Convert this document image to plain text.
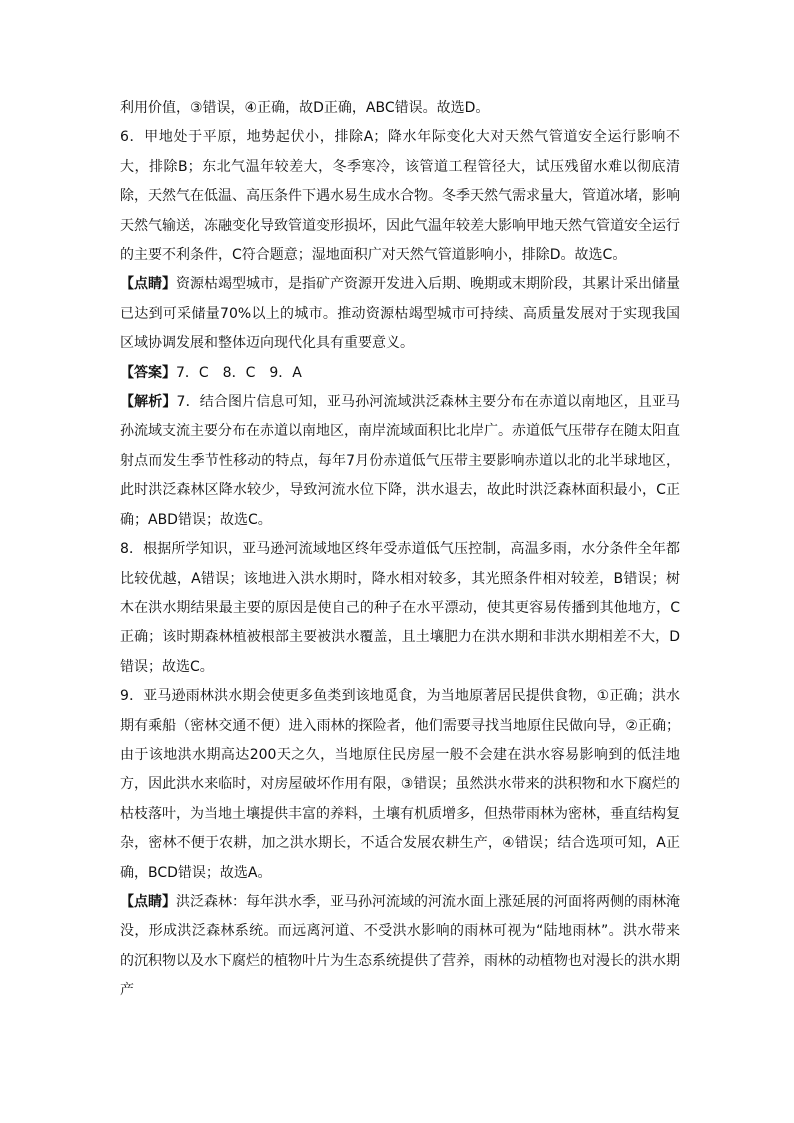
利用价值，③错误，④正确，故D正确，ABC错误。故选D。

6．甲地处于平原，地势起伏小，排除A；降水年际变化大对天然气管道安全运行影响不大，排除B；东北气温年较差大，冬季寒冷，该管道工程管径大，试压残留水难以彻底清除，天然气在低温、高压条件下遇水易生成水合物。冬季天然气需求量大，管道冰堵，影响天然气输送，冻融变化导致管道变形损坏，因此气温年较差大影响甲地天然气管道安全运行的主要不利条件，C符合题意；湿地面积广对天然气管道影响小，排除D。故选C。

【点睛】资源枯竭型城市，是指矿产资源开发进入后期、晚期或末期阶段，其累计采出储量已达到可采储量70%以上的城市。推动资源枯竭型城市可持续、高质量发展对于实现我国区域协调发展和整体迈向现代化具有重要意义。

【答案】7．C　8．C　9．A

【解析】7．结合图片信息可知，亚马孙河流域洪泛森林主要分布在赤道以南地区，且亚马孙流域支流主要分布在赤道以南地区，南岸流域面积比北岸广。赤道低气压带存在随太阳直射点而发生季节性移动的特点，每年7月份赤道低气压带主要影响赤道以北的北半球地区，此时洪泛森林区降水较少，导致河流水位下降，洪水退去，故此时洪泛森林面积最小，C正确；ABD错误；故选C。

8．根据所学知识，亚马逊河流域地区终年受赤道低气压控制，高温多雨，水分条件全年都比较优越，A错误；该地进入洪水期时，降水相对较多，其光照条件相对较差，B错误；树木在洪水期结果最主要的原因是使自己的种子在水平漂动，使其更容易传播到其他地方，C正确；该时期森林植被根部主要被洪水覆盖，且土壤肥力在洪水期和非洪水期相差不大，D错误；故选C。

9．亚马逊雨林洪水期会使更多鱼类到该地觅食，为当地原著居民提供食物，①正确；洪水期有乘船（密林交通不便）进入雨林的探险者，他们需要寻找当地原住民做向导，②正确；由于该地洪水期高达200天之久，当地原住民房屋一般不会建在洪水容易影响到的低洼地方，因此洪水来临时，对房屋破坏作用有限，③错误；虽然洪水带来的洪积物和水下腐烂的枯枝落叶，为当地土壤提供丰富的养料，土壤有机质增多，但热带雨林为密林，垂直结构复杂，密林不便于农耕，加之洪水期长，不适合发展农耕生产，④错误；结合选项可知，A正确，BCD错误；故选A。

【点睛】洪泛森林：每年洪水季，亚马孙河流域的河流水面上涨延展的河面将两侧的雨林淹没，形成洪泛森林系统。而远离河道、不受洪水影响的雨林可视为“陆地雨林”。洪水带来的沉积物以及水下腐烂的植物叶片为生态系统提供了营养，雨林的动植物也对漫长的洪水期产
